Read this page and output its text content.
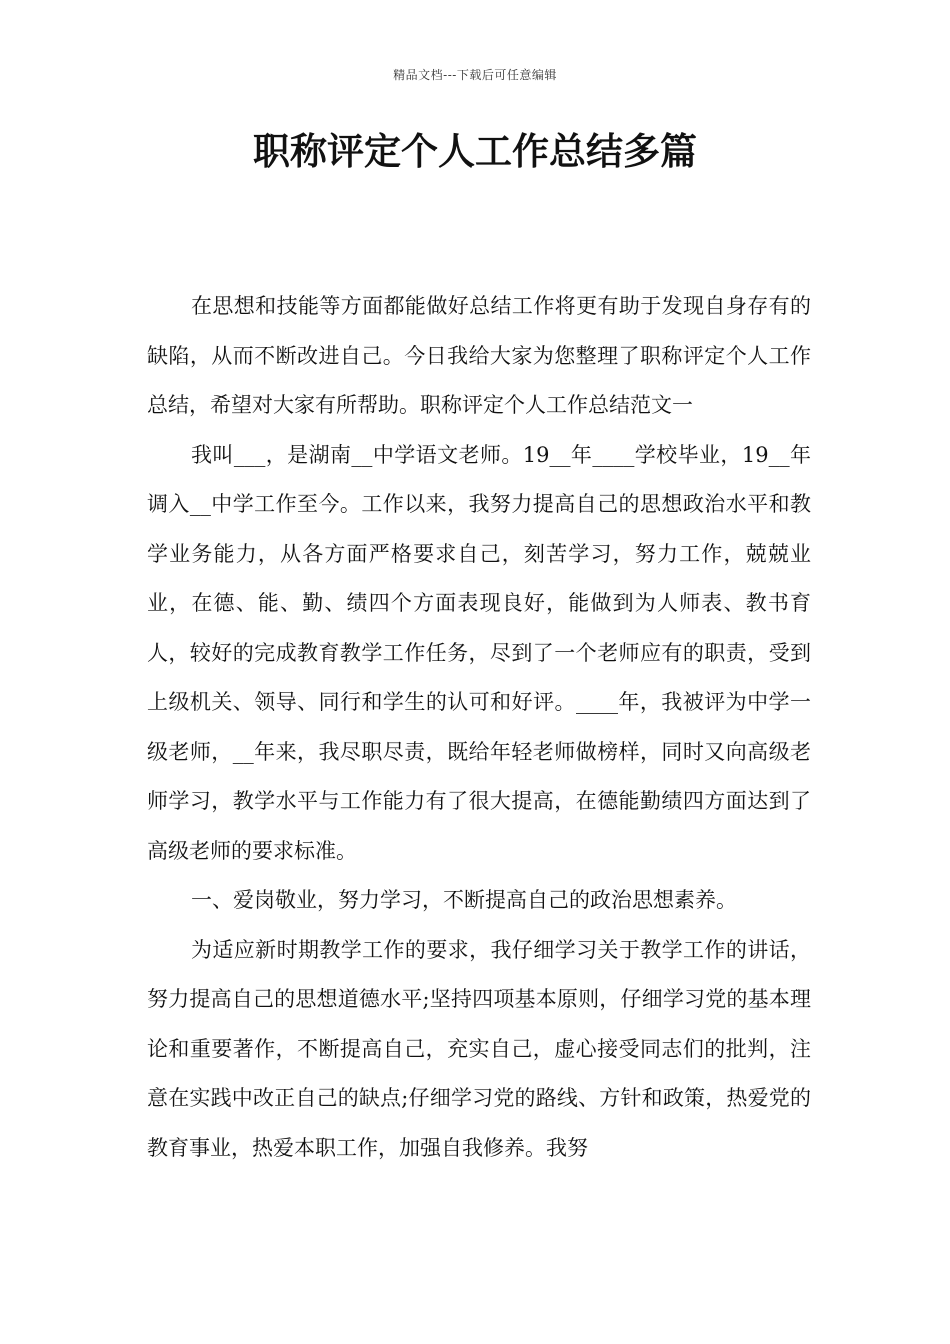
精品文档---下载后可任意编辑
职称评定个人工作总结多篇

在思想和技能等方面都能做好总结工作将更有助于发现自身存有的缺陷，从而不断改进自己。今日我给大家为您整理了职称评定个人工作总结，希望对大家有所帮助。职称评定个人工作总结范文一

我叫___，是湖南__中学语文老师。19__年____学校毕业，19__年调入__中学工作至今。工作以来，我努力提高自己的思想政治水平和教学业务能力，从各方面严格要求自己，刻苦学习，努力工作，兢兢业业，在德、能、勤、绩四个方面表现良好，能做到为人师表、教书育人，较好的完成教育教学工作任务，尽到了一个老师应有的职责，受到上级机关、领导、同行和学生的认可和好评。____年，我被评为中学一级老师，__年来，我尽职尽责，既给年轻老师做榜样，同时又向高级老师学习，教学水平与工作能力有了很大提高，在德能勤绩四方面达到了高级老师的要求标准。

一、爱岗敬业，努力学习，不断提高自己的政治思想素养。

为适应新时期教学工作的要求，我仔细学习关于教学工作的讲话，努力提高自己的思想道德水平;坚持四项基本原则，仔细学习党的基本理论和重要著作，不断提高自己，充实自己，虚心接受同志们的批判，注意在实践中改正自己的缺点;仔细学习党的路线、方针和政策，热爱党的教育事业，热爱本职工作，加强自我修养。我努
